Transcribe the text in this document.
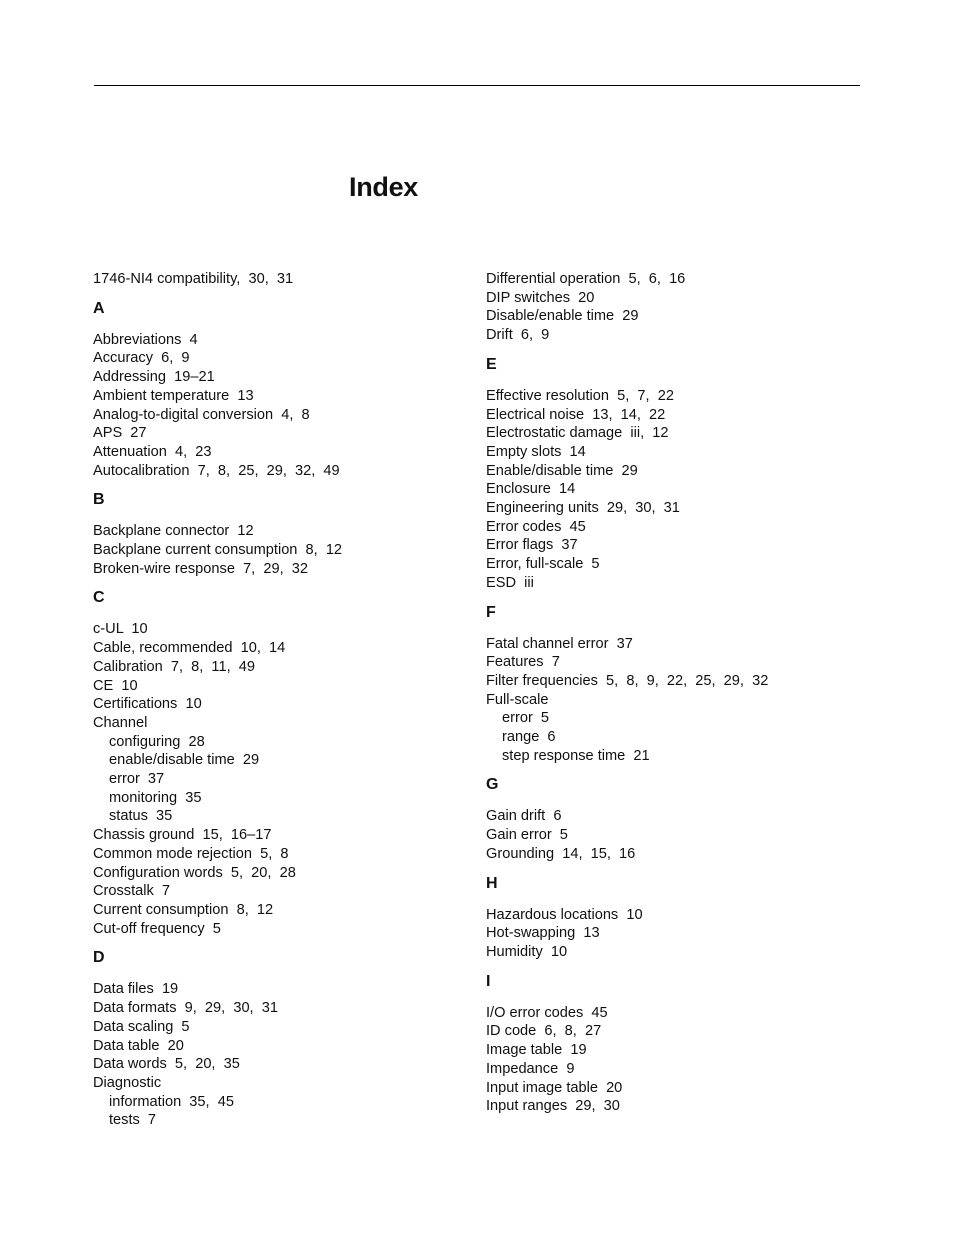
Index
1746-NI4 compatibility,  30,  31
A
Abbreviations  4
Accuracy  6,  9
Addressing  19–21
Ambient temperature  13
Analog-to-digital conversion  4,  8
APS  27
Attenuation  4,  23
Autocalibration  7,  8,  25,  29,  32,  49
B
Backplane connector  12
Backplane current consumption  8,  12
Broken-wire response  7,  29,  32
C
c-UL  10
Cable, recommended  10,  14
Calibration  7,  8,  11,  49
CE  10
Certifications  10
Channel
configuring  28
enable/disable time  29
error  37
monitoring  35
status  35
Chassis ground  15,  16–17
Common mode rejection  5,  8
Configuration words  5,  20,  28
Crosstalk  7
Current consumption  8,  12
Cut-off frequency  5
D
Data files  19
Data formats  9,  29,  30,  31
Data scaling  5
Data table  20
Data words  5,  20,  35
Diagnostic
information  35,  45
tests  7
Differential operation  5,  6,  16
DIP switches  20
Disable/enable time  29
Drift  6,  9
E
Effective resolution  5,  7,  22
Electrical noise  13,  14,  22
Electrostatic damage  iii,  12
Empty slots  14
Enable/disable time  29
Enclosure  14
Engineering units  29,  30,  31
Error codes  45
Error flags  37
Error, full-scale  5
ESD  iii
F
Fatal channel error  37
Features  7
Filter frequencies  5,  8,  9,  22,  25,  29,  32
Full-scale
error  5
range  6
step response time  21
G
Gain drift  6
Gain error  5
Grounding  14,  15,  16
H
Hazardous locations  10
Hot-swapping  13
Humidity  10
I
I/O error codes  45
ID code  6,  8,  27
Image table  19
Impedance  9
Input image table  20
Input ranges  29,  30
